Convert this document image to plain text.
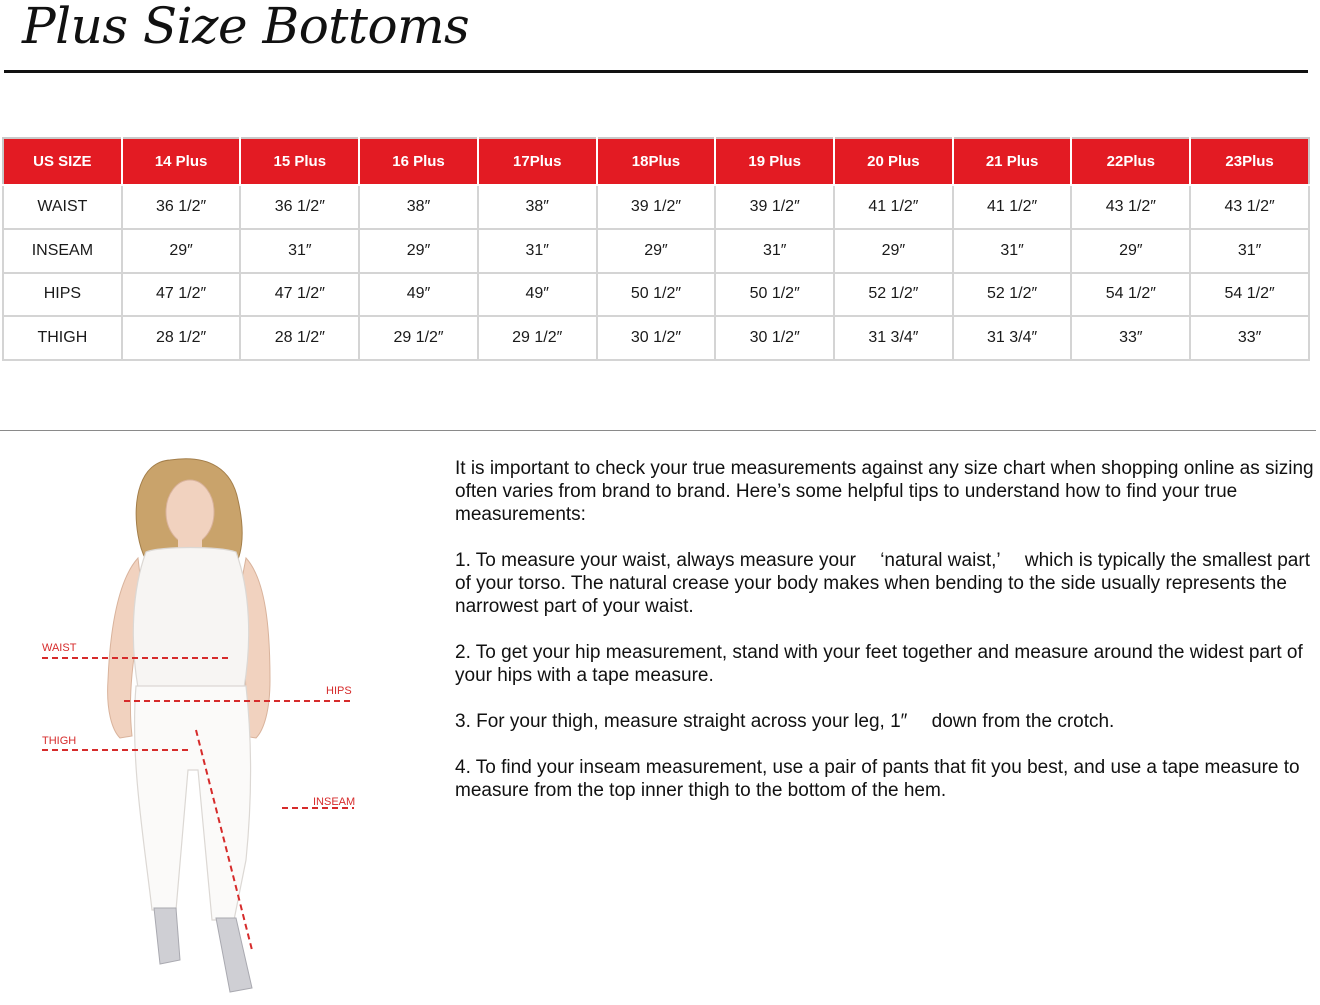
Plus Size Bottoms
US SIZE	14 Plus	15 Plus	16 Plus	17Plus	18Plus	19 Plus	20 Plus	21 Plus	22Plus	23Plus
WAIST	36 1/2″	36 1/2″	38″	38″	39 1/2″	39 1/2″	41 1/2″	41 1/2″	43 1/2″	43 1/2″
INSEAM	29″	31″	29″	31″	29″	31″	29″	31″	29″	31″
HIPS	47 1/2″	47 1/2″	49″	49″	50 1/2″	50 1/2″	52 1/2″	52 1/2″	54 1/2″	54 1/2″
THIGH	28 1/2″	28 1/2″	29 1/2″	29 1/2″	30 1/2″	30 1/2″	31 3/4″	31 3/4″	33″	33″
WAIST
HIPS
THIGH
INSEAM

It is important to check your true measurements against any size chart when shopping online as sizing often varies from brand to brand. Here’s some helpful tips to understand how to find your true measurements:

1. To measure your waist, always measure your  ‘natural waist,’  which is typically the smallest part of your torso. The natural crease your body makes when bending to the side usually represents the narrowest part of your waist.

2. To get your hip measurement, stand with your feet together and measure around the widest part of your hips with a tape measure.

3. For your thigh, measure straight across your leg, 1″  down from the crotch.

4. To find your inseam measurement, use a pair of pants that fit you best, and use a tape measure to measure from the top inner thigh to the bottom of the hem.
